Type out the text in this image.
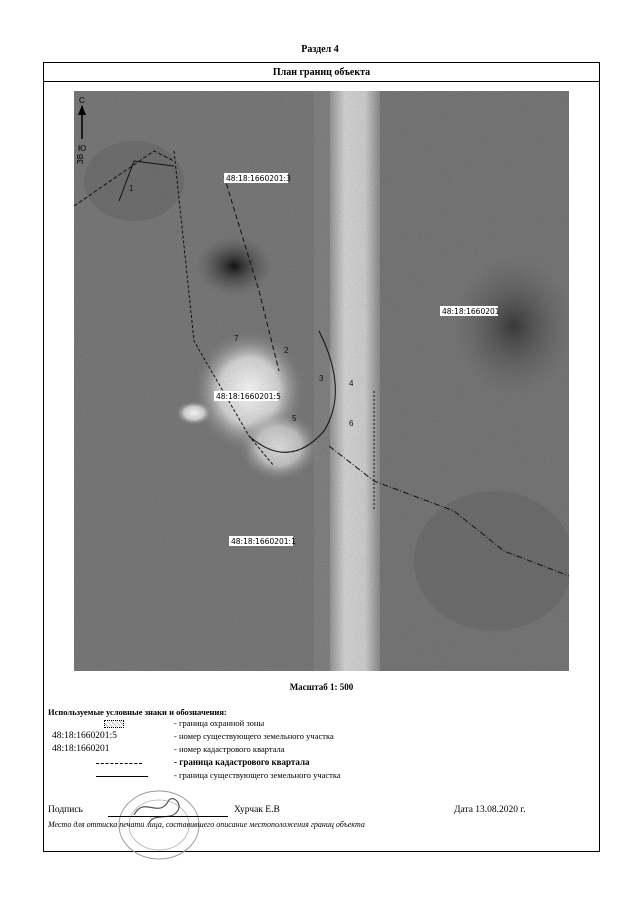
Раздел 4
План границ объекта
С
Ю
ЗВ
48:18:1660201:3
48:18:1660201:5
48:18:1660201
48:18:1660201:1
1
2
3
4
5
6
7
Масштаб 1: 500
Используемые условные знаки и обозначения:
- граница охранной зоны
48:18:1660201:5	- номер существующего земельного участка
48:18:1660201	- номер кадастрового квартала
- граница кадастрового квартала
- граница существующего земельного участка
Подпись	Хурчак Е.В	Дата 13.08.2020 г.
Место для оттиска печати лица, составившего описание местоположения границ объекта
